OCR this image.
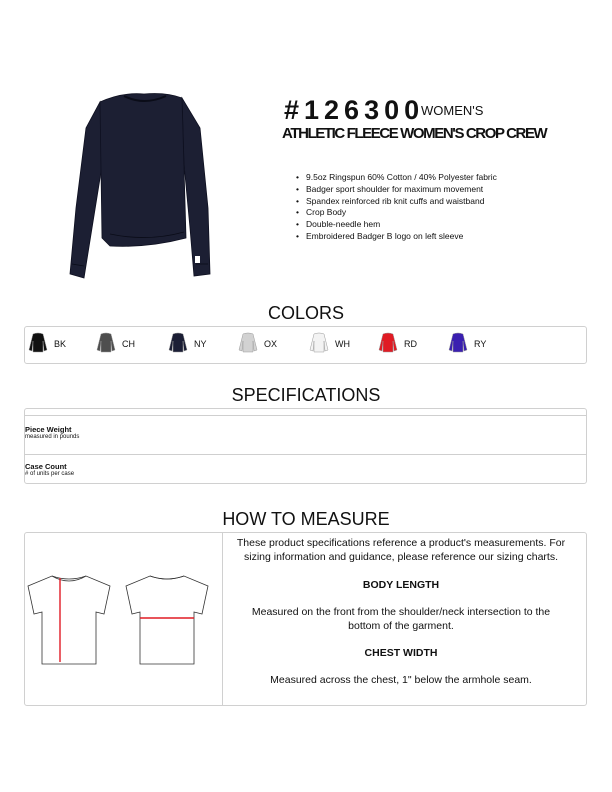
#126300
WOMEN'S
ATHLETIC FLEECE WOMEN'S CROP CREW
• 9.5oz Ringspun 60% Cotton / 40% Polyester fabric
• Badger sport shoulder for maximum movement
• Spandex reinforced rib knit cuffs and waistband
• Crop Body
• Double-needle hem
• Embroidered Badger B logo on left sleeve
COLORS
BK	CH	NY	OX	WH	RD	RY
SPECIFICATIONS
Piece Weight
measured in pounds
Case Count
# of units per case
HOW TO MEASURE

These product specifications reference a product's measurements. For sizing information and guidance, please reference our sizing charts.

BODY LENGTH

Measured on the front from the shoulder/neck intersection to the bottom of the garment.

CHEST WIDTH

Measured across the chest, 1" below the armhole seam.
